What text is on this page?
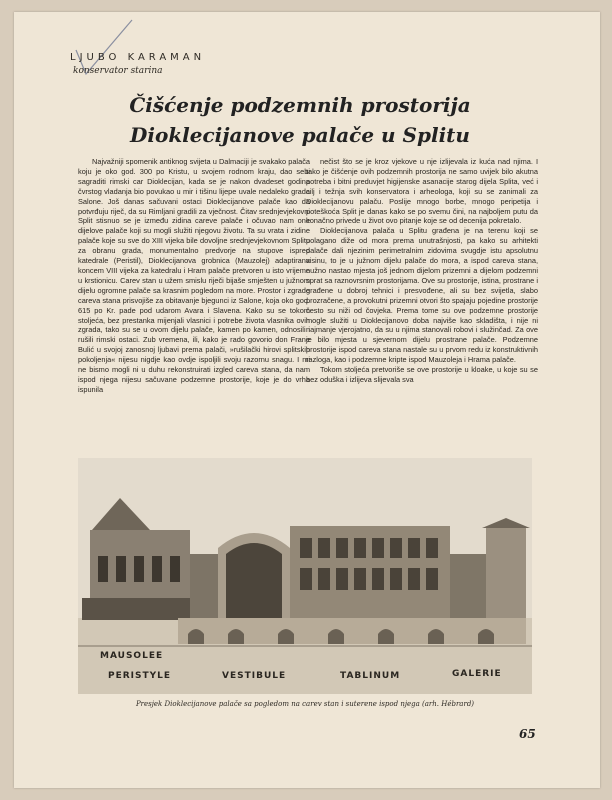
LJUBO KARAMAN
konservator starina
Čišćenje podzemnih prostorija
Dioklecijanove palače u Splitu

Najvažniji spomenik antiknog svijeta u Dalmaciji je svakako palača koju je oko god. 300 po Kristu, u svojem rodnom kraju, dao sebi sagraditi rimski car Dioklecijan, kada se je nakon dvadeset godina čvrstog vladanja bio povukao u mir i tišinu lijepe uvale nedaleko grada Salone. Još danas sačuvani ostaci Dioklecijanove palače kao da potvrđuju riječ, da su Rimljani gradili za vječnost. Čitav srednjevjekovni Split stisnuo se je između zidina careve palače i očuvao nam one dijelove palače koji su mogli služiti njegovu životu. Ta su vrata i zidine palače koje su sve do XIII vijeka bile dovoljne srednjevjekovnom Splitu za obranu grada, monumentalno predvorje na stupove ispred katedrale (Peristil), Dioklecijanova grobnica (Mauzolej) adaptirana koncem VIII vijeka za katedralu i Hram palače pretvoren u isto vrijeme u krstionicu. Carev stan u užem smislu riječi bijaše smješten u južnom dijelu ogromne palače sa krasnim pogledom na more. Prostor i zgrade careva stana prisvojiše za obitavanje bjegunci iz Salone, koja oko god. 615 po Kr. pade pod udarom Avara i Slavena. Kako su se tokom stoljeća, bez prestanka mijenjali vlasnici i potrebe života vlasnika ovih zgrada, tako su se u ovom dijelu palače, kamen po kamen, odnosili i rušili rimski ostaci. Zub vremena, ili, kako je rado govorio don Frane Bulić u svojoj zanosnoj ljubavi prema palači, »rušilački hirovi splitskih pokoljenja« nijesu nigdje kao ovdje ispoljili svoju razornu snagu. I mi ne bismo mogli ni u duhu rekonstruirati izgled careva stana, da nam ispod njega nijesu sačuvane podzemne prostorije, koje je do vrha ispunila

nečist što se je kroz vjekove u nje izlijevala iz kuća nad njima. I tako je čišćenje ovih podzemnih prostorija ne samo uvijek bilo akutna potreba i bitni preduvjet higijenske asanacije starog dijela Splita, već i cilj i težnja svih konservatora i arheologa, koji su se zanimali za Dioklecijanovu palaču. Poslije mnogo borbe, mnogo peripetija i poteškoća Split je danas kako se po svemu čini, na najboljem putu da konačno privede u život ovo pitanje koje se od decenija pokretalo.

Dioklecijanova palača u Splitu građena je na terenu koji se polagano diže od mora prema unutrašnjosti, pa kako su arhitekti palače dali njezinim perimetralnim zidovima svugdje istu apsolutnu visinu, to je u južnom dijelu palače do mora, a ispod careva stana, nužno nastao mjesta još jednom dijelom prizemni a dijelom podzemni sprat sa raznovrsnim prostorijama. Ove su prostorije, istina, prostrane i građene u dobroj tehnici i presvođene, ali su bez svijetla, slabo prozračene, a provokutni prizemni otvori što spajaju pojedine prostorije često su niži od čovjeka. Prema tome su ove podzemne prostorije mogle služiti u Dioklecijanovo doba najviše kao skladišta, i nije ni najmanje vjerojatno, da su u njima stanovali robovi i služinčad. Za ove je bilo mjesta u sjevernom dijelu prostrane palače. Podzemne prostorije ispod careva stana nastale su u prvom redu iz konstruktivnih razloga, kao i podzemne kripte ispod Mauzoleja i Hrama palače.

Tokom stoljeća pretvoriše se ove prostorije u kloake, u koje su se bez oduška i izlijeva slijevala sva

MAUSOLEE
PERISTYLE	VESTIBULE	TABLINUM	GALERIE
Presjek Dioklecijanove palače sa pogledom na carev stan i suterene ispod njega (arh. Hébrard)
65
